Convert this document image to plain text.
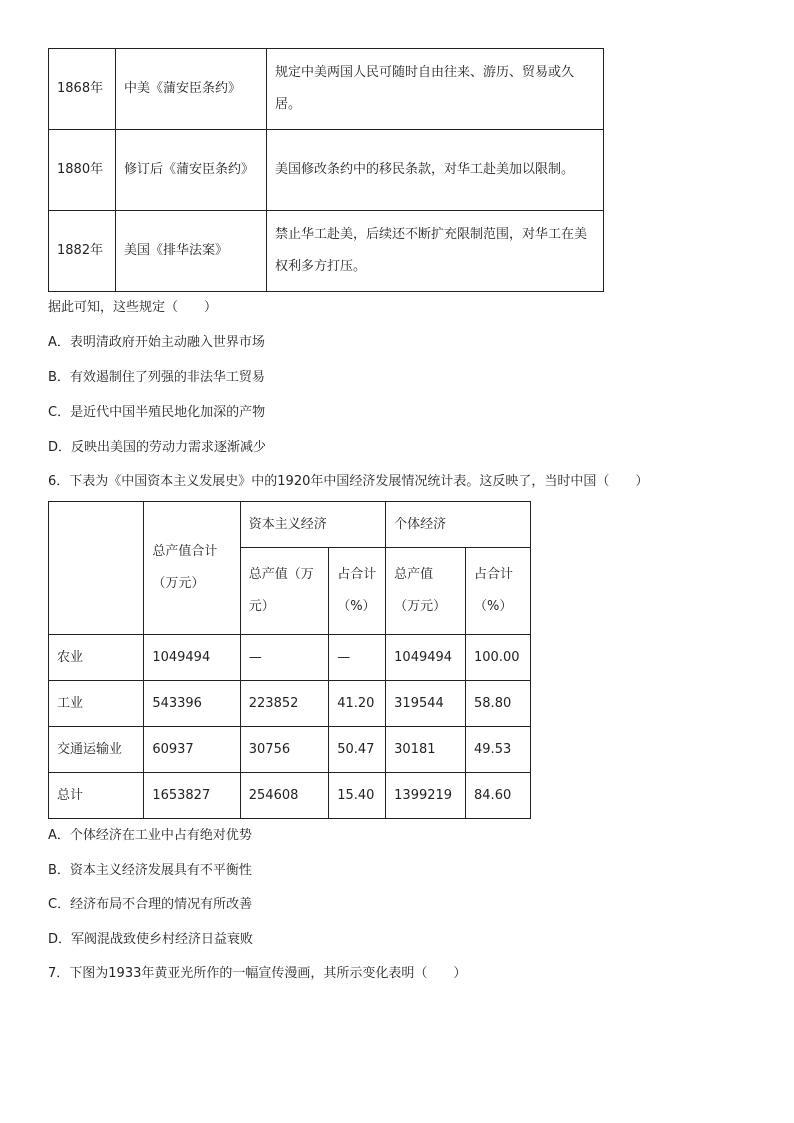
1868年	中美《蒲安臣条约》	规定中美两国人民可随时自由往来、游历、贸易或久居。
1880年	修订后《蒲安臣条约》	美国修改条约中的移民条款，对华工赴美加以限制。
1882年	美国《排华法案》	禁止华工赴美，后续还不断扩充限制范围，对华工在美权利多方打压。
据此可知，这些规定（　　）
A．表明清政府开始主动融入世界市场
B．有效遏制住了列强的非法华工贸易
C．是近代中国半殖民地化加深的产物
D．反映出美国的劳动力需求逐渐减少
6．下表为《中国资本主义发展史》中的1920年中国经济发展情况统计表。这反映了，当时中国（　　）
	总产值合计（万元）	资本主义经济		个体经济	
		总产值（万元）	占合计（%）	总产值（万元）	占合计（%）
农业	1049494	—	—	1049494	100.00
工业	543396	223852	41.20	319544	58.80
交通运输业	60937	30756	50.47	30181	49.53
总计	1653827	254608	15.40	1399219	84.60
A．个体经济在工业中占有绝对优势
B．资本主义经济发展具有不平衡性
C．经济布局不合理的情况有所改善
D．军阀混战致使乡村经济日益衰败
7．下图为1933年黄亚光所作的一幅宣传漫画，其所示变化表明（　　）
